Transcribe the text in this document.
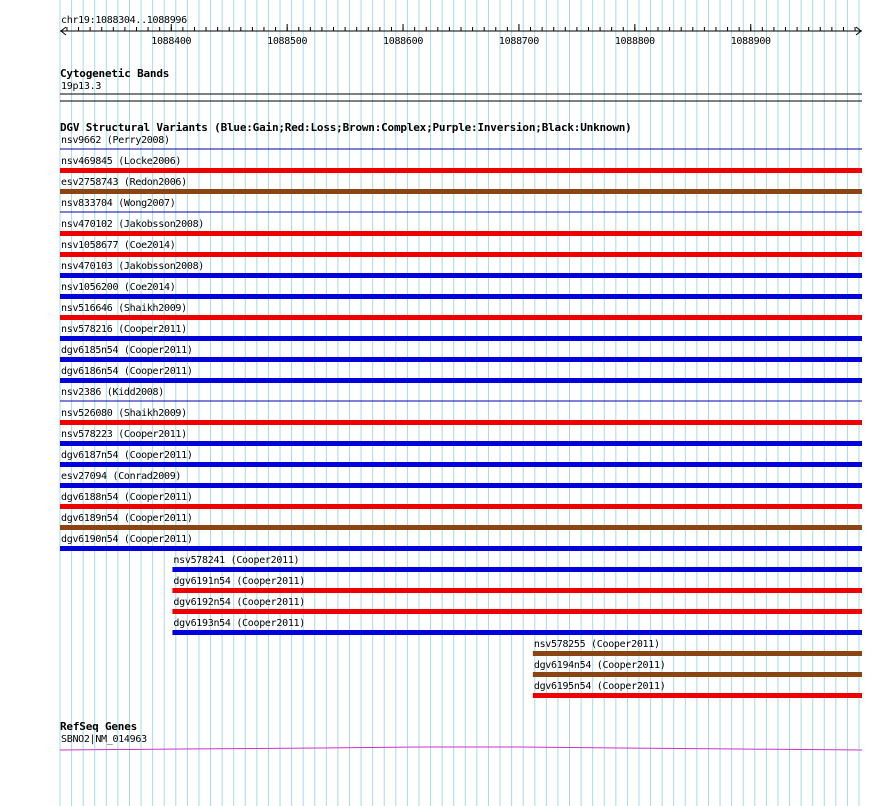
chr19:1088304..1088996
1088400	1088500	1088600	1088700	1088800	1088900
Cytogenetic Bands
19p13.3
DGV Structural Variants (Blue:Gain;Red:Loss;Brown:Complex;Purple:Inversion;Black:Unknown)
nsv9662 (Perry2008)
nsv469845 (Locke2006)
esv2758743 (Redon2006)
nsv833704 (Wong2007)
nsv470102 (Jakobsson2008)
nsv1058677 (Coe2014)
nsv470103 (Jakobsson2008)
nsv1056200 (Coe2014)
nsv516646 (Shaikh2009)
nsv578216 (Cooper2011)
dgv6185n54 (Cooper2011)
dgv6186n54 (Cooper2011)
nsv2386 (Kidd2008)
nsv526080 (Shaikh2009)
nsv578223 (Cooper2011)
dgv6187n54 (Cooper2011)
esv27094 (Conrad2009)
dgv6188n54 (Cooper2011)
dgv6189n54 (Cooper2011)
dgv6190n54 (Cooper2011)
nsv578241 (Cooper2011)
dgv6191n54 (Cooper2011)
dgv6192n54 (Cooper2011)
dgv6193n54 (Cooper2011)
nsv578255 (Cooper2011)
dgv6194n54 (Cooper2011)
dgv6195n54 (Cooper2011)
RefSeq Genes
SBNO2|NM_014963
